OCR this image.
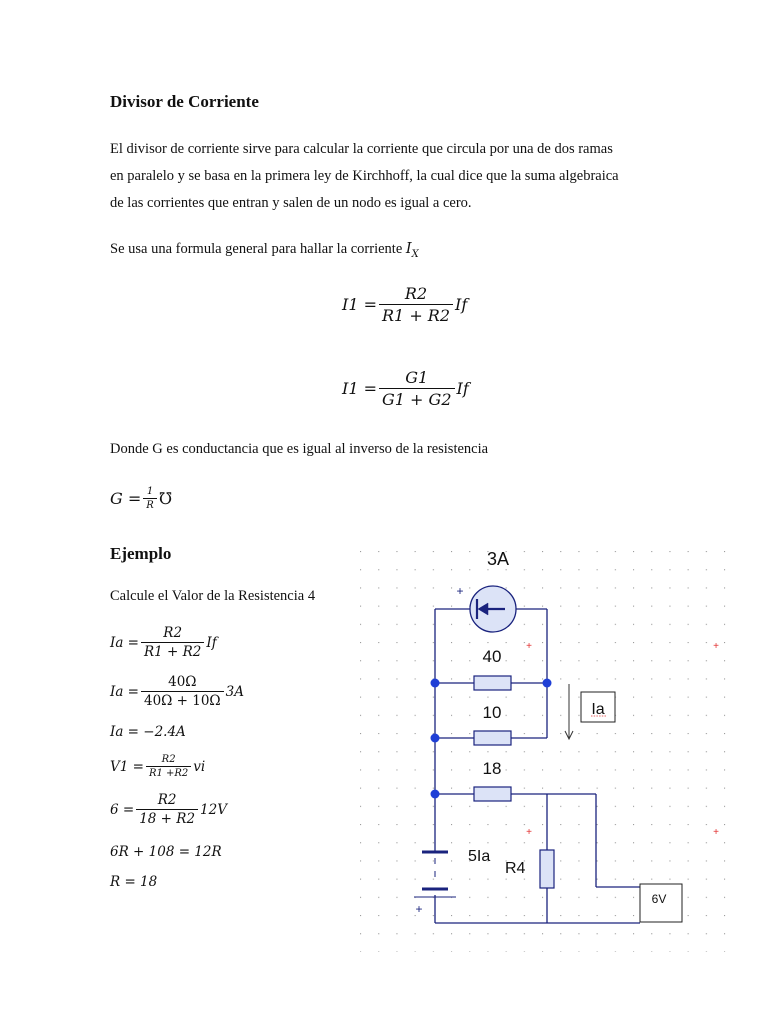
Divisor de Corriente
El divisor de corriente sirve para calcular la corriente que circula por una de dos ramas
en paralelo y se basa en la primera ley de Kirchhoff, la cual dice que la suma algebraica
de las corrientes que entran y salen de un nodo es igual a cero.
Se usa una formula general para hallar la corriente $I_X$
$I1 = \frac{R2}{R1 + R2}$ If
$I1 = \frac{G1}{G1 + G2}$ If
Donde G es conductancia que es igual al inverso de la resistencia
$G = \frac{1}{R}$ ℧
Ejemplo
Calcule el Valor de la Resistencia 4
$Ia = \frac{R2}{R1 + R2}$ If
$Ia = \frac{40\Omega}{40\Omega + 10\Omega} 3A$
Ia = −2.4A
$V1 = \frac{R2}{R1 +R2}$ vi
$6 = \frac{R2}{18 + R2} 12V$
6R + 108 = 12R
R = 18
Ia
6V
3A
40
10
18
5Ia
R4
+
+
+	+
+	+
